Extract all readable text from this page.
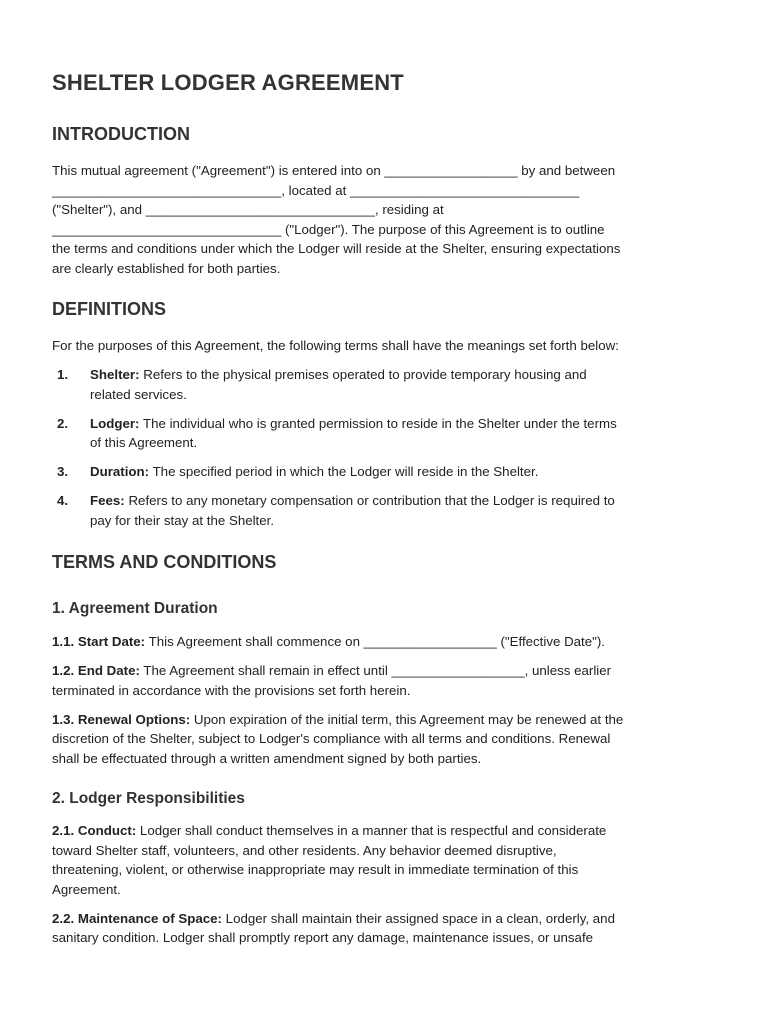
SHELTER LODGER AGREEMENT
INTRODUCTION

This mutual agreement ("Agreement") is entered into on __________________ by and between

_______________________________, located at _______________________________

("Shelter"), and _______________________________, residing at

_______________________________ ("Lodger"). The purpose of this Agreement is to outline

the terms and conditions under which the Lodger will reside at the Shelter, ensuring expectations

are clearly established for both parties.

DEFINITIONS

For the purposes of this Agreement, the following terms shall have the meanings set forth below:

1. Shelter: Refers to the physical premises operated to provide temporary housing and
related services.
2. Lodger: The individual who is granted permission to reside in the Shelter under the terms
of this Agreement.
3. Duration: The specified period in which the Lodger will reside in the Shelter.
4. Fees: Refers to any monetary compensation or contribution that the Lodger is required to
pay for their stay at the Shelter.
TERMS AND CONDITIONS
1. Agreement Duration

1.1. Start Date: This Agreement shall commence on __________________ ("Effective Date").

1.2. End Date: The Agreement shall remain in effect until __________________, unless earlier

terminated in accordance with the provisions set forth herein.

1.3. Renewal Options: Upon expiration of the initial term, this Agreement may be renewed at the

discretion of the Shelter, subject to Lodger's compliance with all terms and conditions. Renewal

shall be effectuated through a written amendment signed by both parties.

2. Lodger Responsibilities

2.1. Conduct: Lodger shall conduct themselves in a manner that is respectful and considerate

toward Shelter staff, volunteers, and other residents. Any behavior deemed disruptive,

threatening, violent, or otherwise inappropriate may result in immediate termination of this

Agreement.

2.2. Maintenance of Space: Lodger shall maintain their assigned space in a clean, orderly, and

sanitary condition. Lodger shall promptly report any damage, maintenance issues, or unsafe
